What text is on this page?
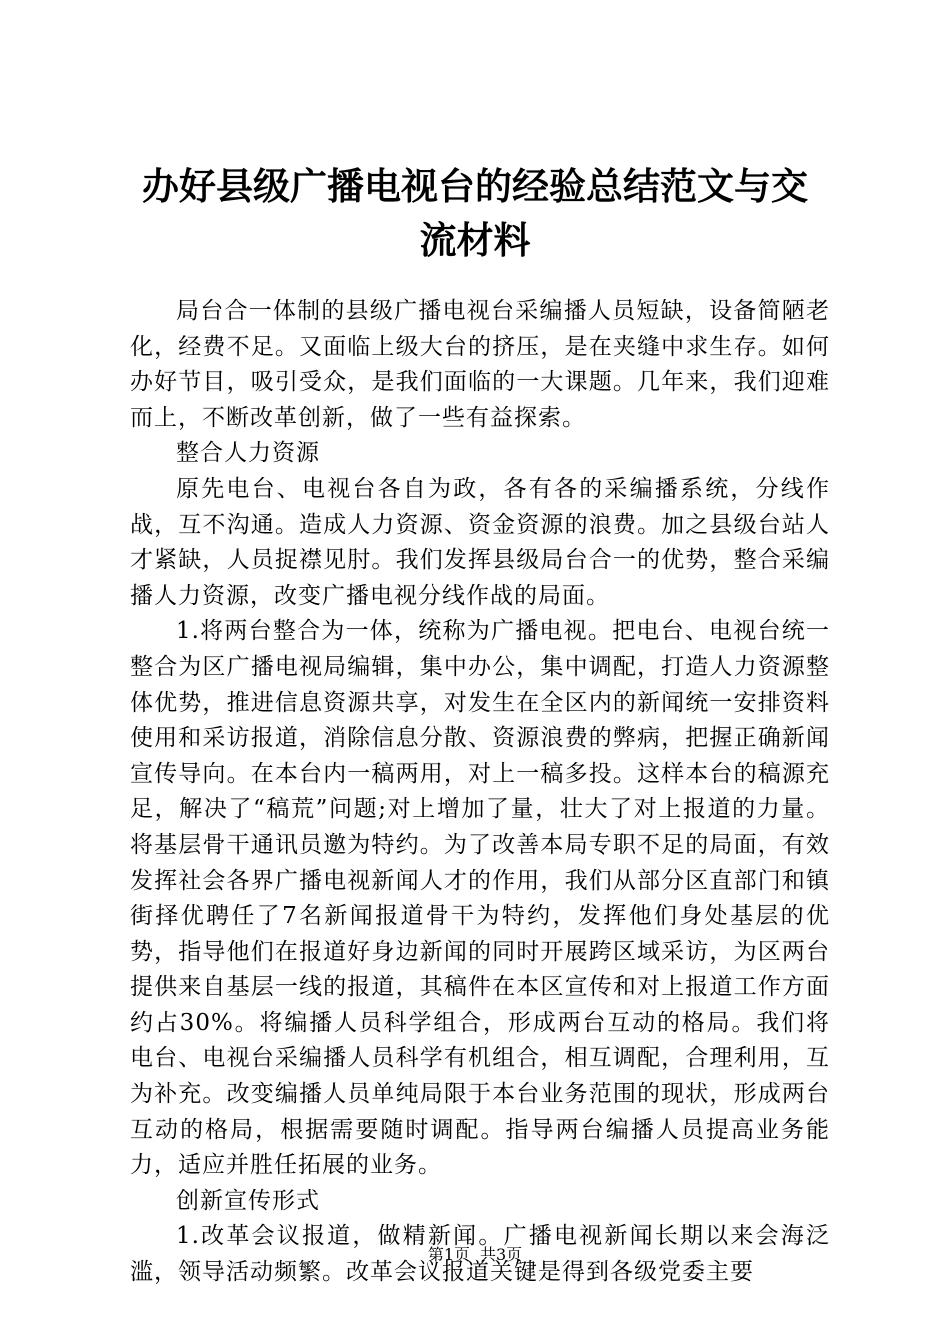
办好县级广播电视台的经验总结范文与交流材料

局台合一体制的县级广播电视台采编播人员短缺，设备简陋老化，经费不足。又面临上级大台的挤压，是在夹缝中求生存。如何办好节目，吸引受众，是我们面临的一大课题。几年来，我们迎难而上，不断改革创新，做了一些有益探索。

整合人力资源

原先电台、电视台各自为政，各有各的采编播系统，分线作战，互不沟通。造成人力资源、资金资源的浪费。加之县级台站人才紧缺，人员捉襟见肘。我们发挥县级局台合一的优势，整合采编播人力资源，改变广播电视分线作战的局面。

1.将两台整合为一体，统称为广播电视。把电台、电视台统一整合为区广播电视局编辑，集中办公，集中调配，打造人力资源整体优势，推进信息资源共享，对发生在全区内的新闻统一安排资料使用和采访报道，消除信息分散、资源浪费的弊病，把握正确新闻宣传导向。在本台内一稿两用，对上一稿多投。这样本台的稿源充足，解决了“稿荒”问题;对上增加了量，壮大了对上报道的力量。将基层骨干通讯员邀为特约。为了改善本局专职不足的局面，有效发挥社会各界广播电视新闻人才的作用，我们从部分区直部门和镇街择优聘任了7名新闻报道骨干为特约，发挥他们身处基层的优势，指导他们在报道好身边新闻的同时开展跨区域采访，为区两台提供来自基层一线的报道，其稿件在本区宣传和对上报道工作方面约占30%。将编播人员科学组合，形成两台互动的格局。我们将电台、电视台采编播人员科学有机组合，相互调配，合理利用，互为补充。改变编播人员单纯局限于本台业务范围的现状，形成两台互动的格局，根据需要随时调配。指导两台编播人员提高业务能力，适应并胜任拓展的业务。

创新宣传形式

1.改革会议报道，做精新闻。广播电视新闻长期以来会海泛滥，领导活动频繁。改革会议报道关键是得到各级党委主要

第1页 共3页
